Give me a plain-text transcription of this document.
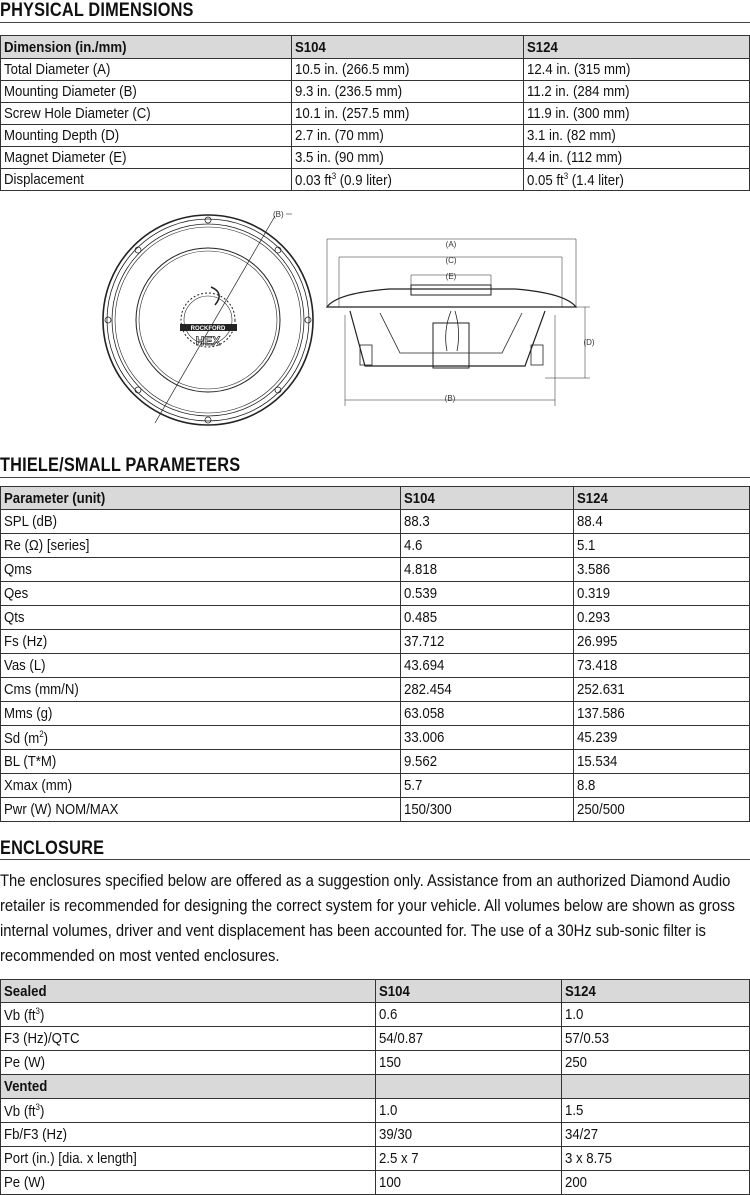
PHYSICAL DIMENSIONS
Dimension (in./mm)	S104	S124
Total Diameter (A)	10.5 in. (266.5 mm)	12.4 in. (315 mm)
Mounting Diameter (B)	9.3 in. (236.5 mm)	11.2 in. (284 mm)
Screw Hole Diameter (C)	10.1 in. (257.5 mm)	11.9 in. (300 mm)
Mounting Depth (D)	2.7 in. (70 mm)	3.1 in. (82 mm)
Magnet Diameter (E)	3.5 in. (90 mm)	4.4 in. (112 mm)
Displacement	0.03 $ft^3$ (0.9 liter)	0.05 $ft^3$ (1.4 liter)
ROCKFORD
HEX
(B)
(A)
(C)
(E)
(D)
(B)
THIELE/SMALL PARAMETERS
Parameter (unit)	S104	S124
SPL (dB)	88.3	88.4
Re (Ω) [series]	4.6	5.1
Qms	4.818	3.586
Qes	0.539	0.319
Qts	0.485	0.293
Fs (Hz)	37.712	26.995
Vas (L)	43.694	73.418
Cms (mm/N)	282.454	252.631
Mms (g)	63.058	137.586
Sd $(m^2)$	33.006	45.239
BL (T*M)	9.562	15.534
Xmax (mm)	5.7	8.8
Pwr (W) NOM/MAX	150/300	250/500
ENCLOSURE
The enclosures specified below are offered as a suggestion only. Assistance from an authorized Diamond Audio retailer is recommended for designing the correct system for your vehicle. All volumes below are shown as gross internal volumes, driver and vent displacement has been accounted for. The use of a 30Hz sub-sonic filter is recommended on most vented enclosures.
Sealed	S104	S124
Vb $(ft^3)$	0.6	1.0
F3 (Hz)/QTC	54/0.87	57/0.53
Pe (W)	150	250
Vented		
Vb $(ft^3)$	1.0	1.5
Fb/F3 (Hz)	39/30	34/27
Port (in.) [dia. x length]	2.5 x 7	3 x 8.75
Pe (W)	100	200
